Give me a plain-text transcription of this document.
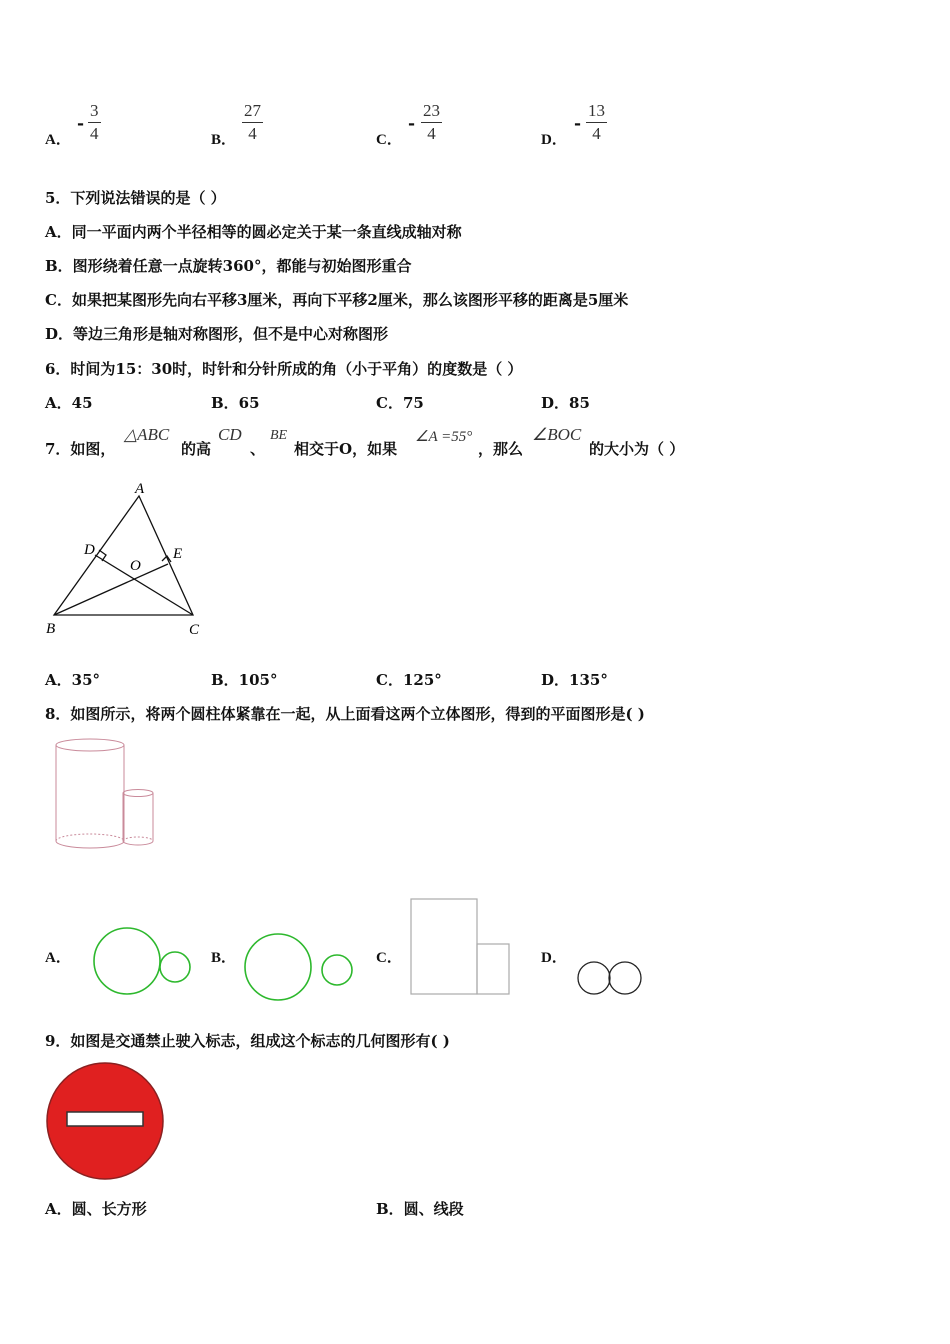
A．
- $\frac{3}{4}$	B． $\frac{27}{4}$	C．
- $\frac{23}{4}$	D．
- $\frac{13}{4}$
5．下列说法错误的是（ ）
A．同一平面内两个半径相等的圆必定关于某一条直线成轴对称
B．图形绕着任意一点旋转360°，都能与初始图形重合
C．如果把某图形先向右平移3厘米，再向下平移2厘米，那么该图形平移的距离是5厘米
D．等边三角形是轴对称图形，但不是中心对称图形
6．时间为15：30时，时针和分针所成的角（小于平角）的度数是（ ）
A．45	B．65	C．75	D．85
7．如图，
△ABC
的高
CD
、
BE
相交于O，如果
∠A =55°
，那么
∠BOC
的大小为（ ）
A
B	C
D	E
O
A．35°	B．105°	C．125°	D．135°
8．如图所示，将两个圆柱体紧靠在一起，从上面看这两个立体图形，得到的平面图形是( )
A．	B．	C．	D．
9．如图是交通禁止驶入标志，组成这个标志的几何图形有( )
A．圆、长方形	B．圆、线段
